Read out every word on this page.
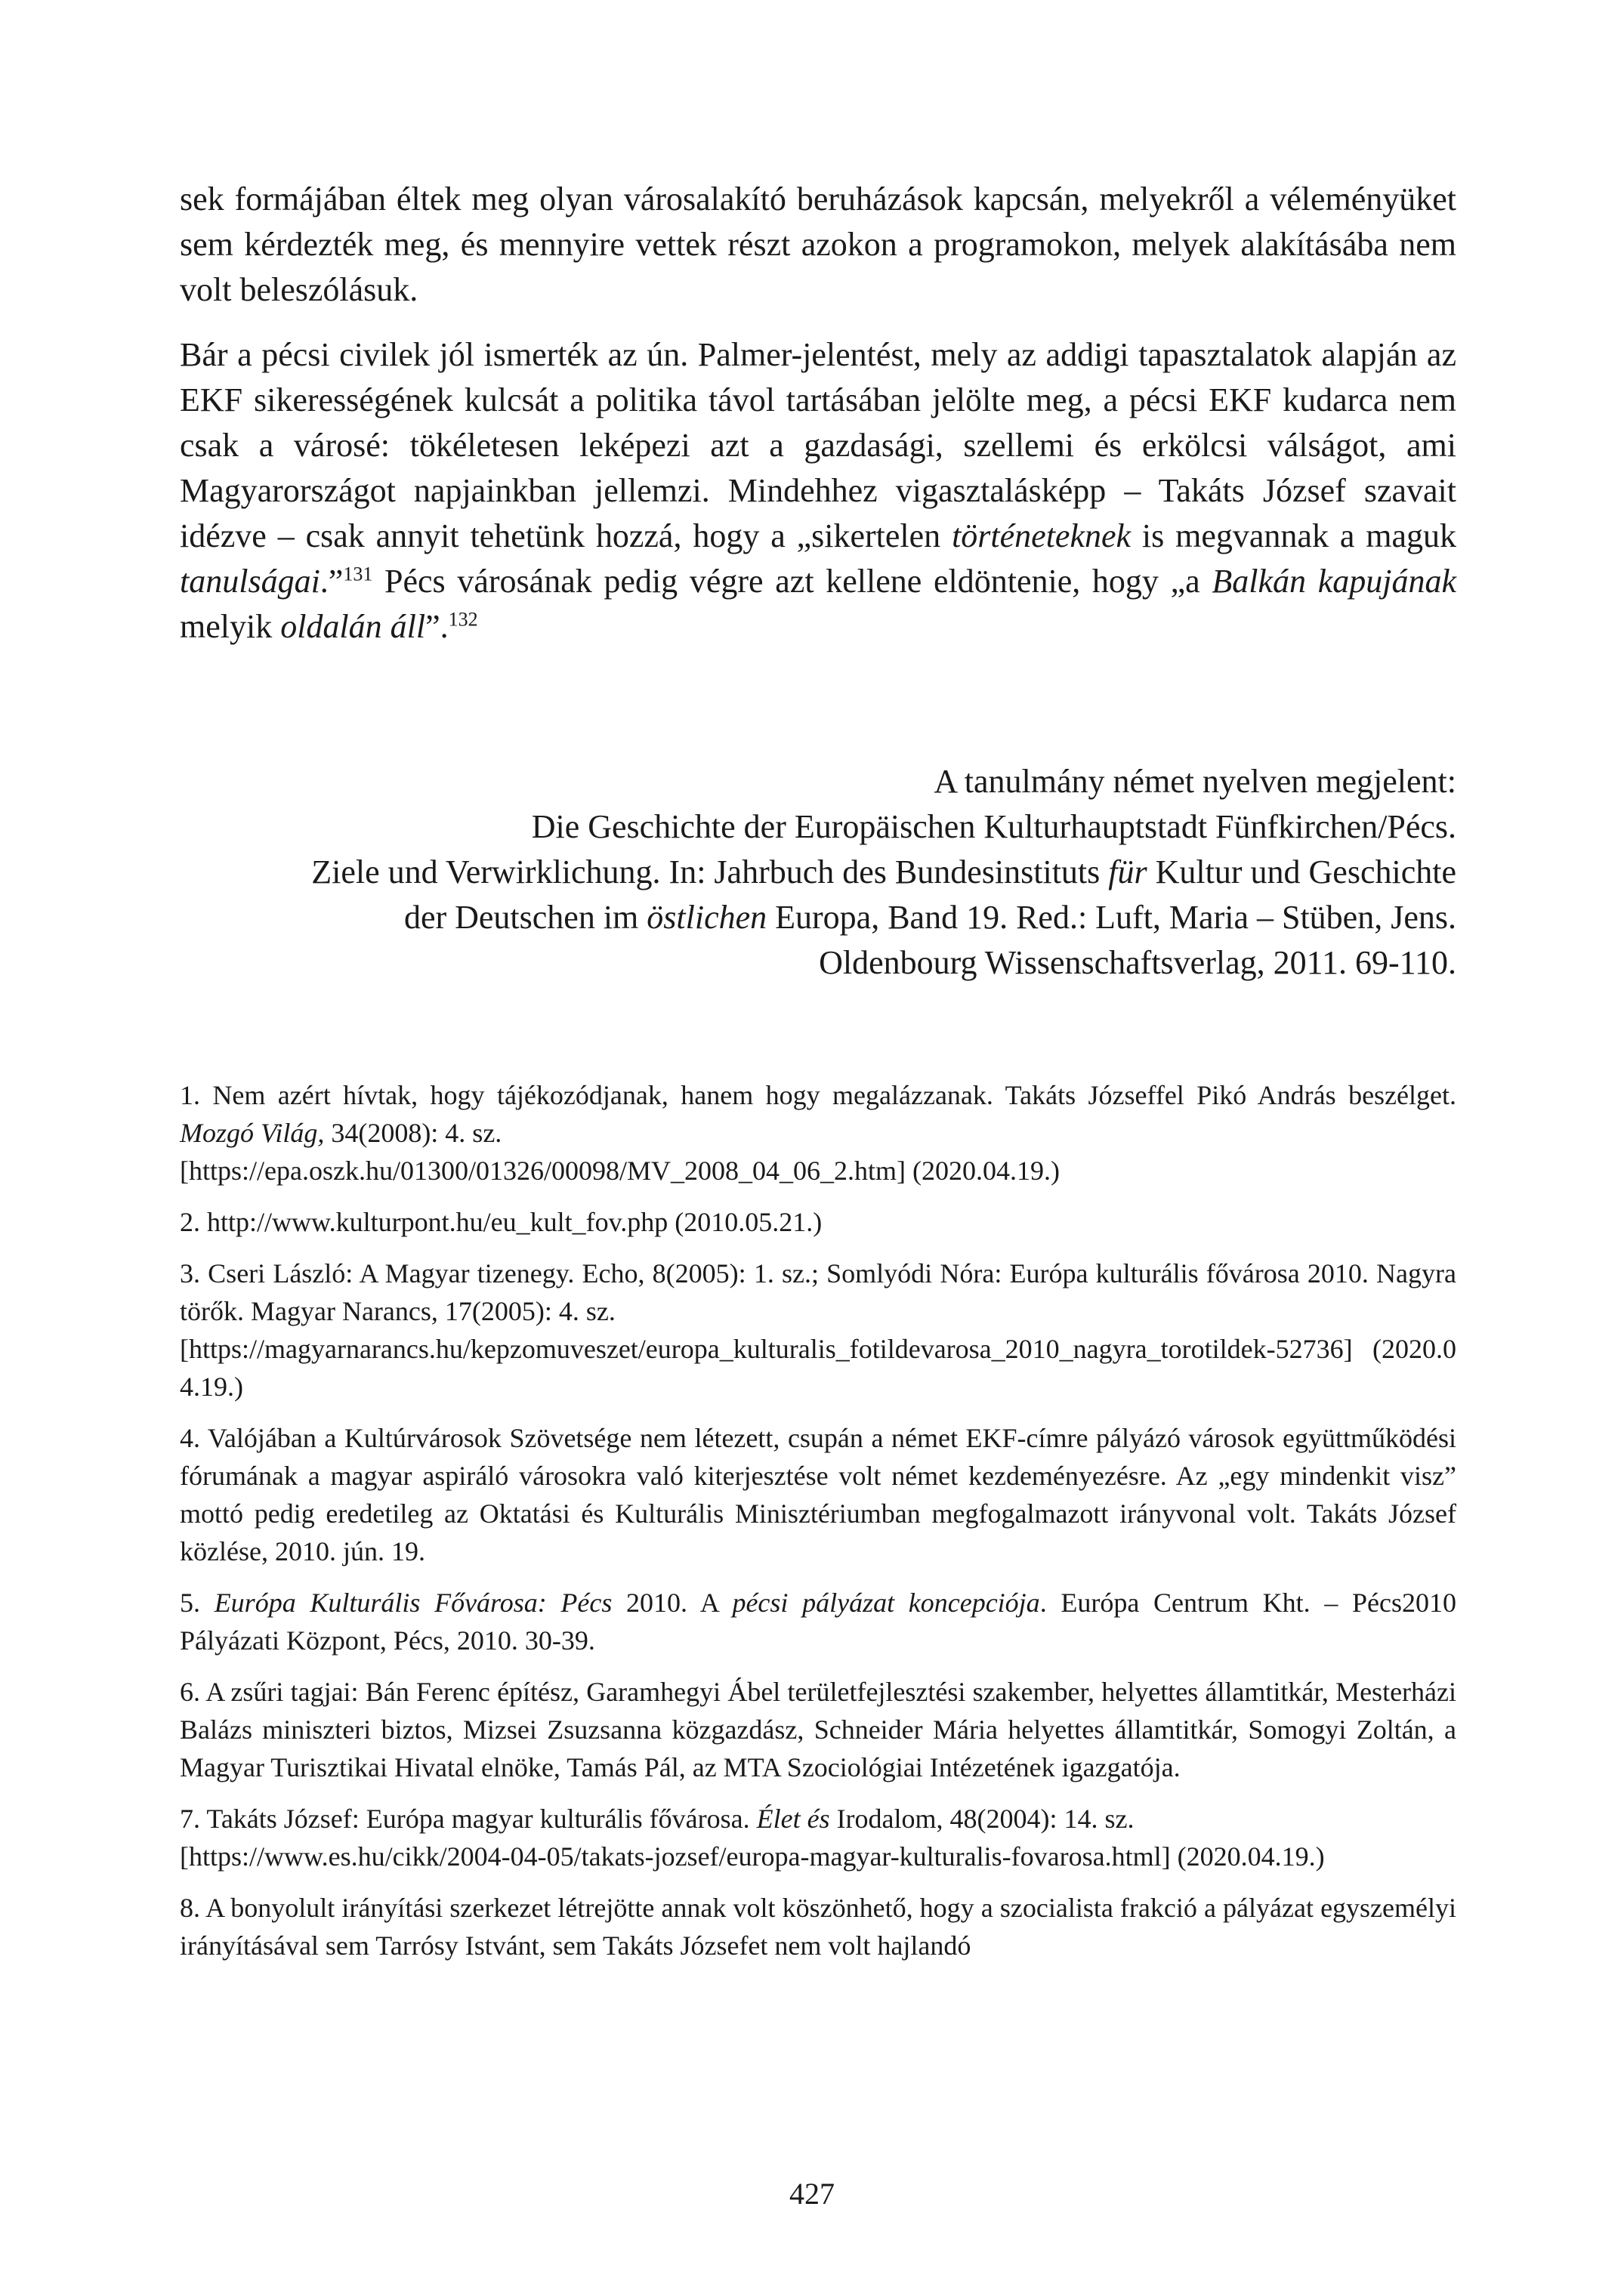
sek formájában éltek meg olyan városalakító beruházások kapcsán, melyekről a véleményüket sem kérdezték meg, és mennyire vettek részt azokon a programokon, melyek alakításába nem volt beleszólásuk.

Bár a pécsi civilek jól ismerték az ún. Palmer-jelentést, mely az addigi tapasztalatok alapján az EKF sikerességének kulcsát a politika távol tartásában jelölte meg, a pécsi EKF kudarca nem csak a városé: tökéletesen leképezi azt a gazdasági, szellemi és erkölcsi válságot, ami Magyarországot napjainkban jellemzi. Mindehhez vigasztalásképp – Takáts József szavait idézve – csak annyit tehetünk hozzá, hogy a „sikertelen történeteknek is megvannak a maguk tanulságai.”$^{131}$ Pécs városának pedig végre azt kellene eldöntenie, hogy „a Balkán kapujának melyik oldalán áll”.$^{132}$

A tanulmány német nyelven megjelent:
Die Geschichte der Europäischen Kulturhauptstadt Fünfkirchen/Pécs.
Ziele und Verwirklichung. In: Jahrbuch des Bundesinstituts für Kultur und Geschichte
der Deutschen im östlichen Europa, Band 19. Red.: Luft, Maria – Stüben, Jens.
Oldenbourg Wissenschaftsverlag, 2011. 69-110.

1. Nem azért hívtak, hogy tájékozódjanak, hanem hogy megalázzanak. Takáts Józseffel Pikó András beszélget. Mozgó Világ, 34(2008): 4. sz.
[https://epa.oszk.hu/01300/01326/00098/MV_2008_04_06_2.htm] (2020.04.19.)

2. http://www.kulturpont.hu/eu_kult_fov.php (2010.05.21.)

3. Cseri László: A Magyar tizenegy. Echo, 8(2005): 1. sz.; Somlyódi Nóra: Európa kulturális fővárosa 2010. Nagyra törők. Magyar Narancs, 17(2005): 4. sz.
[https://magyarnarancs.hu/kepzomuveszet/europa_kulturalis_fotildevarosa_2010_nagyra_torotildek-52736] (2020.04.19.)

4. Valójában a Kultúrvárosok Szövetsége nem létezett, csupán a német EKF-címre pályázó városok együttműködési fórumának a magyar aspiráló városokra való kiterjesztése volt német kezdeményezésre. Az „egy mindenkit visz” mottó pedig eredetileg az Oktatási és Kulturális Minisztériumban megfogalmazott irányvonal volt. Takáts József közlése, 2010. jún. 19.

5. Európa Kulturális Fővárosa: Pécs 2010. A pécsi pályázat koncepciója. Európa Centrum Kht. – Pécs2010 Pályázati Központ, Pécs, 2010. 30-39.

6. A zsűri tagjai: Bán Ferenc építész, Garamhegyi Ábel területfejlesztési szakember, helyettes államtitkár, Mesterházi Balázs miniszteri biztos, Mizsei Zsuzsanna közgazdász, Schneider Mária helyettes államtitkár, Somogyi Zoltán, a Magyar Turisztikai Hivatal elnöke, Tamás Pál, az MTA Szociológiai Intézetének igazgatója.

7. Takáts József: Európa magyar kulturális fővárosa. Élet és Irodalom, 48(2004): 14. sz.
[https://www.es.hu/cikk/2004-04-05/takats-jozsef/europa-magyar-kulturalis-fovarosa.html] (2020.04.19.)

8. A bonyolult irányítási szerkezet létrejötte annak volt köszönhető, hogy a szocialista frakció a pályázat egyszemélyi irányításával sem Tarrósy Istvánt, sem Takáts Józsefet nem volt hajlandó

427
